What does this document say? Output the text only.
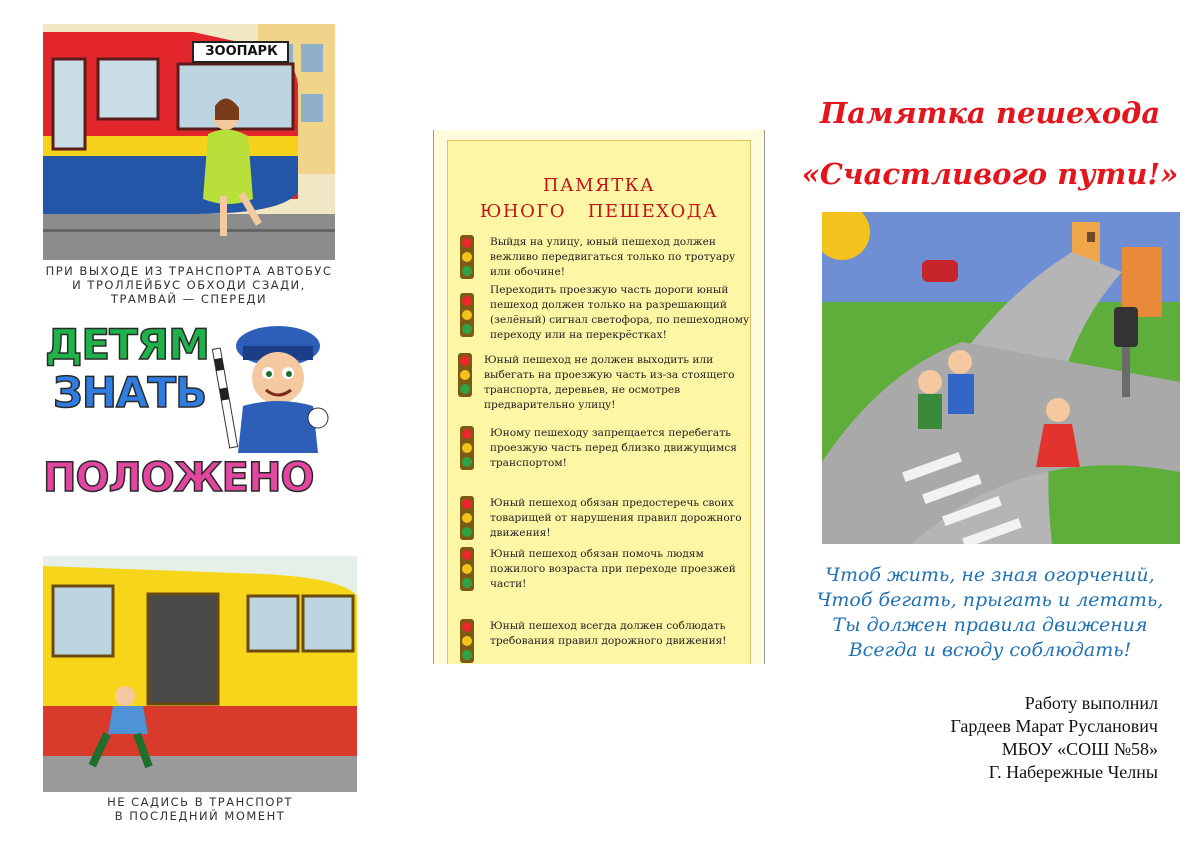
ЗООПАРК
ПРИ ВЫХОДЕ ИЗ ТРАНСПОРТА АВТОБУС
И ТРОЛЛЕЙБУС ОБХОДИ СЗАДИ,
ТРАМВАЙ — СПЕРЕДИ
ДЕТЯМ
ЗНАТЬ
ПОЛОЖЕНО
НЕ САДИСЬ В ТРАНСПОРТ
В ПОСЛЕДНИЙ МОМЕНТ
ПАМЯТКА
ЮНОГО   ПЕШЕХОДА
Выйдя на улицу, юный пешеход должен вежливо передвигаться только по тротуару или обочине!
Переходить проезжую часть дороги юный пешеход должен только на разрешающий (зелёный) сигнал светофора, по пешеходному переходу или на перекрёстках!
Юный пешеход не должен выходить или выбегать на проезжую часть из-за стоящего транспорта, деревьев, не осмотрев предварительно улицу!
Юному пешеходу запрещается перебегать проезжую часть перед близко движущимся транспортом!
Юный пешеход обязан предостеречь своих товарищей от нарушения правил дорожного движения!
Юный пешеход обязан помочь людям пожилого возраста при переходе проезжей части!
Юный пешеход всегда должен соблюдать требования правил дорожного движения!
Памятка пешехода
«Счастливого пути!»
Чтоб жить, не зная огорчений,
Чтоб бегать, прыгать и летать,
Ты должен правила движения
Всегда и всюду соблюдать!
Работу выполнил
Гардеев Марат Русланович
МБОУ «СОШ №58»
Г. Набережные Челны
